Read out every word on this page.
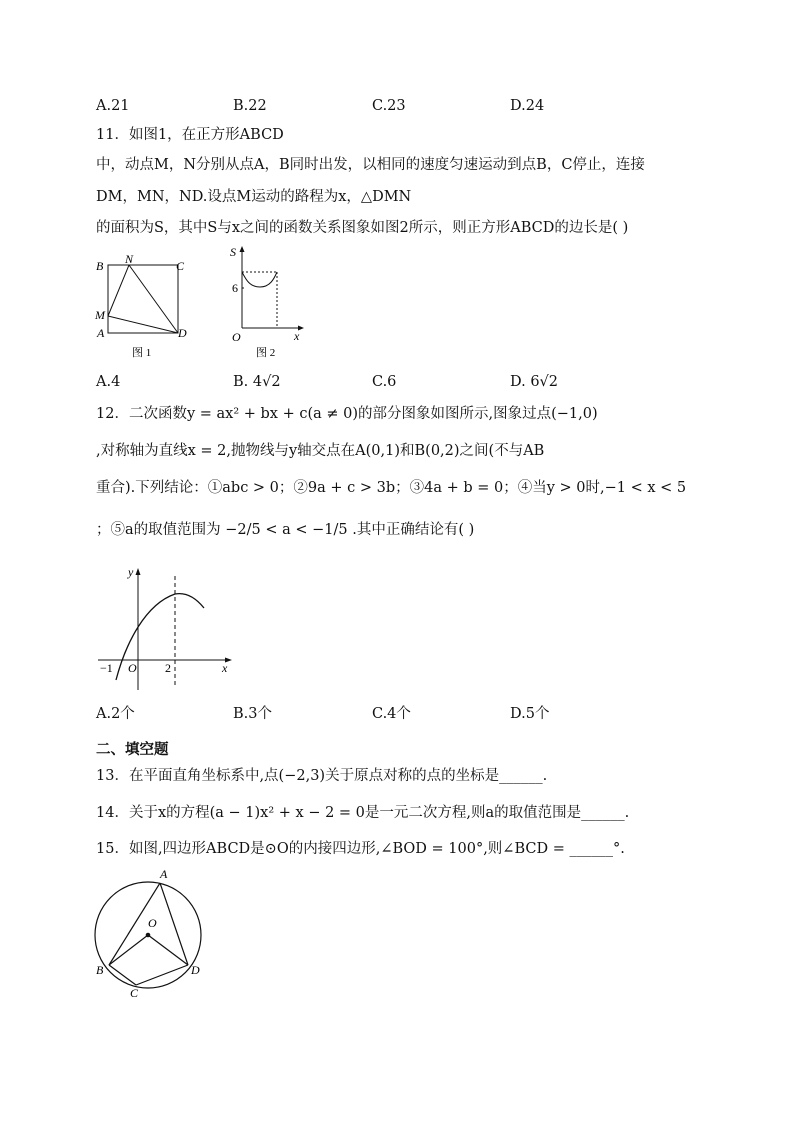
A.21	B.22	C.23	D.24
11．如图1，在正方形ABCD
中，动点M，N分别从点A，B同时出发，以相同的速度匀速运动到点B，C停止，连接
DM，MN，ND.设点M运动的路程为x，△DMN
的面积为S，其中S与x之间的函数关系图象如图2所示，则正方形ABCD的边长是( )
B N	C
M
A	D
图 1
S
6
O	x
图 2
A.4	B. 4√2	C.6	D. 6√2
12．二次函数y = ax² + bx + c(a ≠ 0)的部分图象如图所示,图象过点(−1,0)
,对称轴为直线x = 2,抛物线与y轴交点在A(0,1)和B(0,2)之间(不与AB
重合).下列结论：①abc > 0；②9a + c > 3b；③4a + b = 0；④当y > 0时,−1 < x < 5
；⑤a的取值范围为 −2/5 < a < −1/5 .其中正确结论有( )
y
x
O
−1	2
A.2个	B.3个	C.4个	D.5个
二、填空题
13．在平面直角坐标系中,点(−2,3)关于原点对称的点的坐标是______.
14．关于x的方程(a − 1)x² + x − 2 = 0是一元二次方程,则a的取值范围是______.
15．如图,四边形ABCD是⊙O的内接四边形,∠BOD = 100°,则∠BCD = ______°.
A
O
B
C
D
